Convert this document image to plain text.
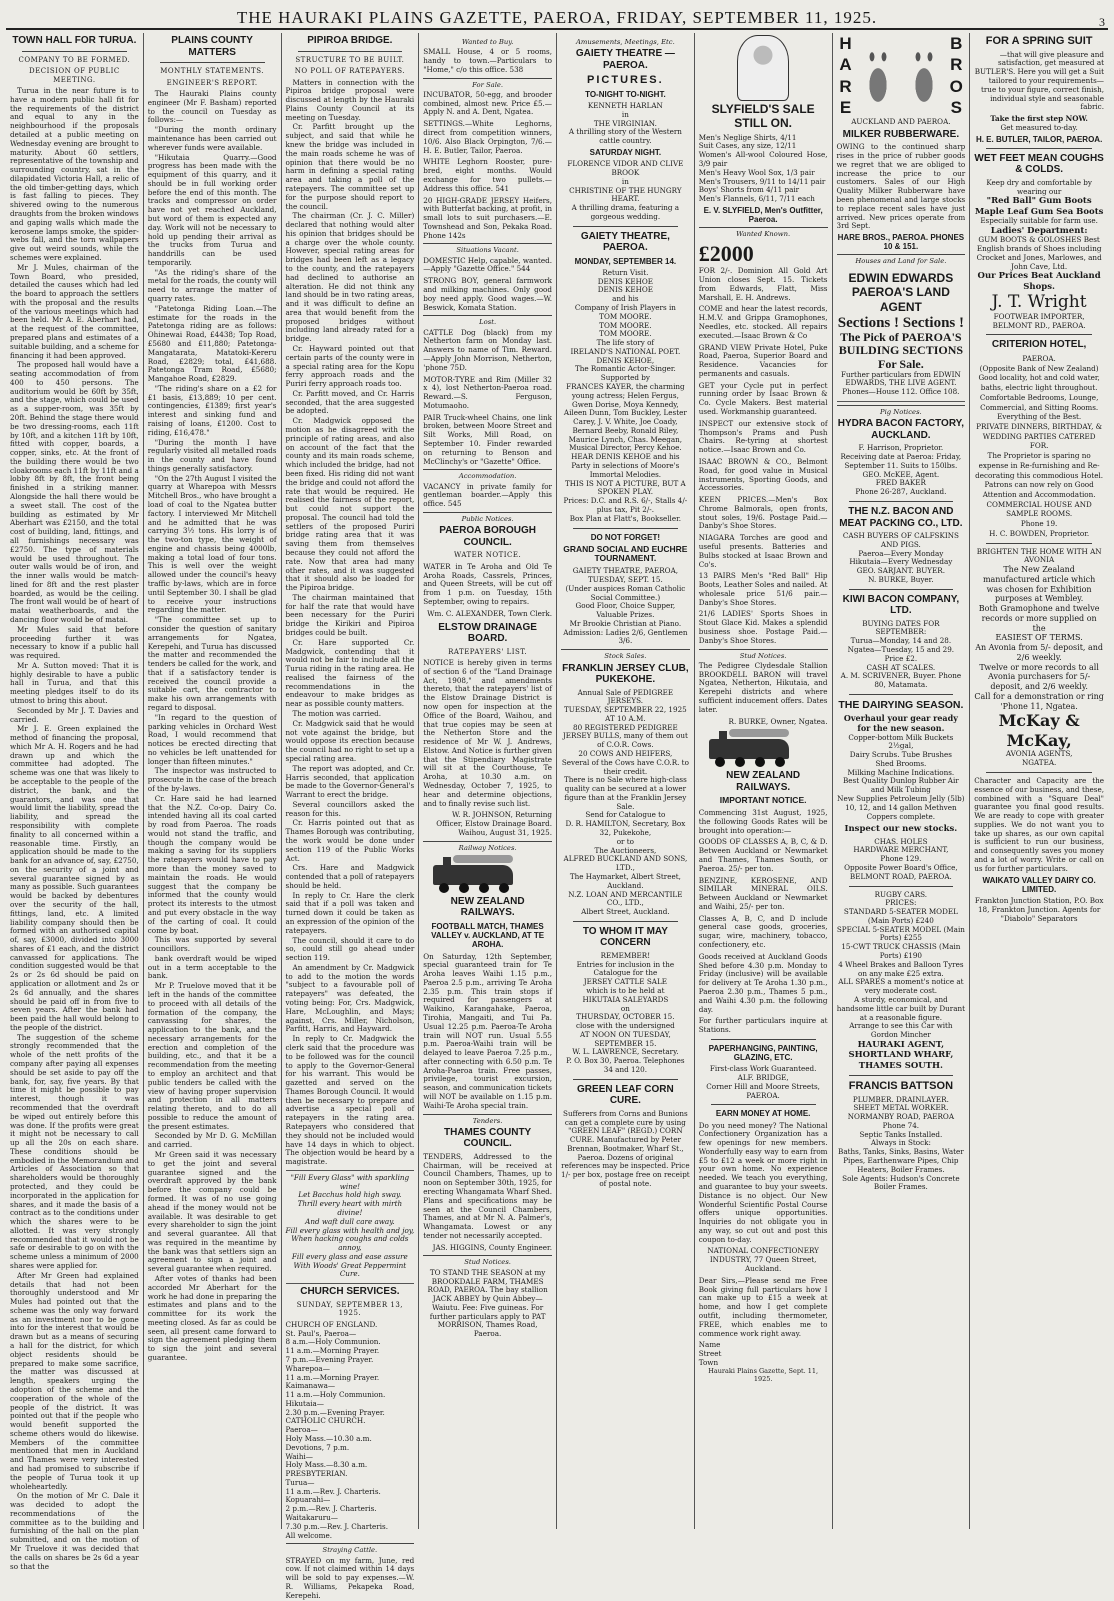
THE HAURAKI PLAINS GAZETTE, PAEROA, FRIDAY, SEPTEMBER 11, 1925.	3
TOWN HALL FOR TURUA.
COMPANY TO BE FORMED.
DECISION OF PUBLIC MEETING.

Turua in the near future is to have a modern public hall fit for the requirements of the district and equal to any in the neighbourhood if the proposals detailed at a public meeting on Wednesday evening are brought to maturity. About 60 settlers, representative of the township and surrounding country, sat in the dilapidated Victoria Hall, a relic of the old timber-getting days, which is fast falling to pieces. They shivered owing to the numerous draughts from the broken windows and gaping walls which made the kerosene lamps smoke, the spider-webs fall, and the torn wallpapers give out weird sounds, while the schemes were explained.

Mr J. Mules, chairman of the Town Board, who presided, detailed the causes which had led the board to approach the settlers with the proposal and the results of the various meetings which had been held. Mr A. E. Aberhart had, at the request of the committee, prepared plans and estimates of a suitable building, and a scheme for financing it had been approved.

The proposed hall would have a seating accommodation of from 400 to 450 persons. The auditorium would be 60ft by 35ft, and the stage, which could be used as a supper-room, was 35ft by 20ft. Behind the stage there would be two dressing-rooms, each 11ft by 10ft, and a kitchen 11ft by 10ft, fitted with copper, boards, a copper, sinks, etc. At the front of the building there would be two cloakrooms each 11ft by 11ft and a lobby 8ft by 8ft, the front being finished in a striking manner. Alongside the hall there would be a sweet stall. The cost of the building as estimated by Mr Aberhart was £2150, and the total cost of building, land, fittings, and all furnishings necessary was £2750. The type of materials would be used throughout. The outer walls would be of iron, and the inner walls would be match-lined for 8ft and the rest plaster boarded, as would be the ceiling. The front wall would be of heart of matai weatherboards, and the dancing floor would be of matai.

Mr Mules said that before proceeding further it was necessary to know if a public hall was required.

Mr A. Sutton moved: That it is highly desirable to have a public hall in Turua, and that this meeting pledges itself to do its utmost to bring this about.

Seconded by Mr J. T. Davies and carried.

Mr J. E. Green explained the method of financing the proposal, which Mr A. H. Rogers and he had drawn up and which the committee had adopted. The scheme was one that was likely to be acceptable to the people of the district, the bank, and the guarantors, and was one that would limit the liability, spread the liability, and spread the responsibility with complete finality to all concerned within a reasonable time. Firstly, an application should be made to the bank for an advance of, say, £2750, on the security of a joint and several guarantee signed by as many as possible. Such guarantees would be backed by debentures over the security of the hall, fittings, land, etc. A limited liability company should then be formed with an authorised capital of, say, £3000, divided into 3000 shares of £1 each, and the district canvassed for applications. The condition suggested would be that 2s or 2s 6d should be paid on application or allotment and 2s or 2s 6d annually, and the shares should be paid off in from five to seven years. After the bank had been paid the hall would belong to the people of the district.

The suggestion of the scheme strongly recommended that the whole of the nett profits of the company after paying all expenses should be set aside to pay off the bank, for, say, five years. By that time it might be possible to pay interest, though it was recommended that the overdraft be wiped out entirely before this was done. If the profits were great it might not be necessary to call up all the 20s on each share. These conditions should be embodied in the Memorandum and Articles of Association so that shareholders would be thoroughly protected, and they could be incorporated in the application for shares, and it made the basis of a contract as to the conditions under which the shares were to be allotted. It was very strongly recommended that it would not be safe or desirable to go on with the scheme unless a minimum of 2000 shares were applied for.

After Mr Green had explained details that had not been thoroughly understood and Mr Mules had pointed out that the scheme was the only way forward as an investment nor to be gone into for the interest that would be drawn but as a means of securing a hall for the district, for which object residents should be prepared to make some sacrifice, the matter was discussed at length, speakers urging the adoption of the scheme and the cooperation of the whole of the people of the district. It was pointed out that if the people who would benefit supported the scheme others would do likewise. Members of the committee mentioned that men in Auckland and Thames were very interested and had promised to subscribe if the people of Turua took it up wholeheartedly.

On the motion of Mr C. Dale it was decided to adopt the recommendations of the committee as to the building and furnishing of the hall on the plan submitted, and on the motion of Mr Truelove it was decided that the calls on shares be 2s 6d a year so that the

PLAINS COUNTY MATTERS
MONTHLY STATEMENTS.
ENGINEER'S REPORT.

The Hauraki Plains county engineer (Mr F. Basham) reported to the council on Tuesday as follows:—

"During the month ordinary maintenance has been carried out wherever funds were available.

"Hikutaia Quarry.—Good progress has been made with the equipment of this quarry, and it should be in full working order before the end of this month. The tracks and compressor on order have not yet reached Auckland, but word of them is expected any day. Work will not be necessary to hold up pending their arrival as the trucks from Turua and handdrills can be used temporarily.

"As the riding's share of the metal for the roads, the county will need to arrange the matter of quarry rates.

"Patetonga Riding Loan.—The estimate for the roads in the Patetonga riding are as follows: Ohinewai Road, £4438; Top Road, £5680 and £11,880; Patetonga-Mangatarata, Matatoki-Kereru Road, £2829; total, £41,688. Patetonga Tram Road, £5680; Mangahoe Road, £2829.

"The riding's share on a £2 for £1 basis, £13,889; 10 per cent. contingencies, £1389; first year's interest and sinking fund and raising of loans, £1200. Cost to riding, £16,478."

"During the month I have regularly visited all metalled roads in the county and have found things generally satisfactory.

"On the 27th August I visited the quarry at Wharepoa with Messrs Mitchell Bros., who have brought a load of coal to the Ngatea butter factory. I interviewed Mr Mitchell and he admitted that he was carrying 3½ tons. His lorry is of the two-ton type, the weight of engine and chassis being 4000lb, making a total load of four tons. This is well over the weight allowed under the council's heavy traffic by-laws, which are in force until September 30. I shall be glad to receive your instructions regarding the matter.

"The committee set up to consider the question of sanitary arrangements for Ngatea, Kerepehi, and Turua has discussed the matter and recommended the tenders be called for the work, and that if a satisfactory tender is received the council provide a suitable cart, the contractor to make his own arrangements with regard to disposal.

"In regard to the question of parking vehicles in Orchard West Road, I would recommend that notices be erected directing that no vehicles be left unattended for longer than fifteen minutes."

The inspector was instructed to prosecute in the case of the breach of the by-laws.

Cr. Hare said he had learned that the N.Z. Co-op. Dairy Co. intended having all its coal carted by road from Paeroa. The roads would not stand the traffic, and though the company would be making a saving for its suppliers the ratepayers would have to pay more than the money saved to maintain the roads. He would suggest that the company be informed that the county would protect its interests to the utmost and put every obstacle in the way of the carting of coal. It could come by boat.

This was supported by several councillors.

bank overdraft would be wiped out in a term acceptable to the bank.

Mr P. Truelove moved that it be left in the hands of the committee to proceed with all details of the formation of the company, the canvassing for shares, the application to the bank, and the necessary arrangements for the erection and completion of the building, etc., and that it be a recommendation from the meeting to employ an architect and that public tenders be called with the view of having proper supervision and protection in all matters relating thereto, and to do all possible to reduce the amount of the present estimates.

Seconded by Mr D. G. McMillan and carried.

Mr Green said it was necessary to get the joint and several guarantee signed and the overdraft approved by the bank before the company could be formed. It was of no use going ahead if the money would not be available. It was desirable to get every shareholder to sign the joint and several guarantee. All that was required in the meantime by the bank was that settlers sign an agreement to sign a joint and several guarantee when required.

After votes of thanks had been accorded Mr Aberhart for the work he had done in preparing the estimates and plans and to the committee for its work the meeting closed. As far as could be seen, all present came forward to sign the agreement pledging them to sign the joint and several guarantee.

PIPIROA BRIDGE.
STRUCTURE TO BE BUILT.
NO POLL OF RATEPAYERS.

Matters in connection with the Pipiroa bridge proposal were discussed at length by the Hauraki Plains County Council at its meeting on Tuesday.

Cr. Parfitt brought up the subject, and said that while he knew the bridge was included in the main roads scheme he was of opinion that there would be no harm in defining a special rating area and taking a poll of the ratepayers. The committee set up for the purpose should report to the council.

The chairman (Cr. J. C. Miller) declared that nothing would alter his opinion that bridges should be a charge over the whole county. However, special rating areas for bridges had been left as a legacy to the county, and the ratepayers had declined to authorise an alteration. He did not think any land should be in two rating areas, and it was difficult to define an area that would benefit from the proposed bridges without including land already rated for a bridge.

Cr. Hayward pointed out that certain parts of the county were in a special rating area for the Kopu ferry approach roads and the Puriri ferry approach roads too.

Cr. Parfitt moved, and Cr. Harris seconded, that the area suggested be adopted.

Cr. Madgwick opposed the motion as he disagreed with the principle of rating areas, and also on account of the fact that the county and its main roads scheme, which included the bridge, had not been fixed. His riding did not want the bridge and could not afford the rate that would be required. He realised the fairness of the report, but could not support the proposal. The council had told the settlers of the proposed Puriri bridge rating area that it was saving them from themselves because they could not afford the rate. Now that area had many other rates, and it was suggested that it should also be loaded for the Pipiroa bridge.

The chairman maintained that for half the rate that would have been necessary for the Puriri bridge the Kirikiri and Pipiroa bridges could be built.

Cr. Hare supported Cr. Madgwick, contending that it would not be fair to include all the Turua riding in the rating area. He realised the fairness of the recommendations in the endeavour to make bridges as near as possible county matters.

The motion was carried.

Cr. Madgwick said that he would not vote against the bridge, but would oppose its erection because the council had no right to set up a special rating area.

The report was adopted, and Cr. Harris seconded, that application be made to the Governor-General's Warrant to erect the bridge.

Several councillors asked the reason for this.

Cr. Harris pointed out that as Thames Borough was contributing, the work would be done under section 119 of the Public Works Act.

Crs. Hare and Madgwick contended that a poll of ratepayers should be held.

In reply to Cr. Hare the clerk said that if a poll was taken and turned down it could be taken as an expression of the opinion of the ratepayers.

The council, should it care to do so, could still go ahead under section 119.

An amendment by Cr. Madgwick to add to the motion the words "subject to a favourable poll of ratepayers" was defeated, the voting being: For, Crs. Madgwick, Hare, McLoughlin, and Mays; against, Crs. Miller, Nicholson, Parfitt, Harris, and Hayward.

In reply to Cr. Madgwick the clerk said that the procedure was to be followed was for the council to apply to the Governor-General for his warrant. This would be gazetted and served on the Thames Borough Council. It would then be necessary to prepare and advertise a special poll of ratepayers in the rating area. Ratepayers who considered that they should not be included would have 14 days in which to object. The objection would be heard by a magistrate.

"Fill Every Glass" with sparkling wine!
Let Bacchus hold high sway.
Thrill every heart with mirth divine!
And waft dull care away.
Fill every glass with health and joy,
When hacking coughs and colds annoy,
Fill every glass and ease assure
With Woods' Great Peppermint Cure.
CHURCH SERVICES.
SUNDAY, SEPTEMBER 13, 1925.
CHURCH OF ENGLAND.
St. Paul's, Paeroa—
8 a.m.—Holy Communion.
11 a.m.—Morning Prayer.
7 p.m.—Evening Prayer.
Wharepoa—
11 a.m.—Morning Prayer.
Kaimanawa—
11 a.m.—Holy Communion.
Hikutaia—
2.30 p.m.—Evening Prayer.
CATHOLIC CHURCH.
Paeroa—
Holy Mass.—10.30 a.m.
Devotions, 7 p.m.
Waihi—
Holy Mass.—8.30 a.m.
PRESBYTERIAN.
Turua—
11 a.m.—Rev. J. Charteris.
Kopuarahi—
2 p.m.—Rev. J. Charteris.
Waitakaruru—
7.30 p.m.—Rev. J. Charteris.
All welcome.
Straying Cattle.
STRAYED on my farm, June, red cow. If not claimed within 14 days will be sold to pay expenses.—W. R. Williams, Pekapeka Road, Kerepehi.
Wanted to Buy.

SMALL House, 4 or 5 rooms, handy to town.—Particulars to "Home," c/o this office. 538

For Sale.

INCUBATOR, 50-egg, and brooder combined, almost new. Price £5.—Apply N. and A. Dent, Ngatea.

SETTINGS.—White Leghorns, direct from competition winners, 10/6. Also Black Orpington, 7/6.—H. E. Butler, Tailor, Paeroa.

WHITE Leghorn Rooster, pure-bred, eight months. Would exchange for two pullets.—Address this office. 541

20 HIGH-GRADE JERSEY Heifers, with Butterfat backing, at profit, in small lots to suit purchasers.—E. Townshead and Son, Pekaka Road. Phone 142s

Situations Vacant.

DOMESTIC Help, capable, wanted.—Apply "Gazette Office." 544

STRONG BOY, general farmwork and milking machines. Only good boy need apply. Good wages.—W. Beswick, Komata Station.

Lost.

CATTLE Dog (black) from my Netherton farm on Monday last. Answers to name of Tim. Reward.—Apply John Morrison, Netherton, 'phone 75D.

MOTOR-TYRE and Rim (Miller 32 x 4), lost Netherton-Paeroa road. Reward.—S. Ferguson, Motumaoho.

PAIR Truck-wheel Chains, one link broken, between Moore Street and Silt Works, Mill Road, on September 10. Finder rewarded on returning to Benson and McClinchy's or "Gazette" Office.

Accommodation.

VACANCY in private family for gentleman boarder.—Apply this office. 545

Public Notices.
PAEROA BOROUGH COUNCIL.
WATER NOTICE.

WATER in Te Aroha and Old Te Aroha Roads, Cassrels, Princes, and Queen Streets, will be cut off from 1 p.m. on Tuesday, 15th September, owing to repairs.

Wm. C. ALEXANDER, Town Clerk.

ELSTOW DRAINAGE BOARD.
RATEPAYERS' LIST.

NOTICE is hereby given in terms of section 6 of the "Land Drainage Act, 1908," and amendments thereto, that the ratepayers' list of the Elstow Drainage District is now open for inspection at the Office of the Board, Waihou, and that true copies may be seen at the Netherton Store and the residence of Mr W. J. Andrews, Elstow. And Notice is further given that the Stipendiary Magistrate will sit at the Courthouse, Te Aroha, at 10.30 a.m. on Wednesday, October 7, 1925, to hear and determine objections, and to finally revise such list.

W. R. JOHNSON, Returning Officer, Elstow Drainage Board. Waihou, August 31, 1925.

Railway Notices.
NEW ZEALAND RAILWAYS.
FOOTBALL MATCH, THAMES VALLEY v. AUCKLAND, AT TE AROHA.

On Saturday, 12th September, special guaranteed train for Te Aroha leaves Waihi 1.15 p.m., Paeroa 2.5 p.m., arriving Te Aroha 2.35 p.m. This train stops if required for passengers at Waikino, Karangahake, Paeroa, Tirohia, Mangaiti, and Tui Pa. Usual 12.25 p.m. Paeroa-Te Aroha train will NOT run. Usual 5.55 p.m. Paeroa-Waihi train will be delayed to leave Paeroa 7.25 p.m., after connecting with 6.50 p.m. Te Aroha-Paeroa train. Free passes, privilege, tourist excursion, season, and communication tickets will NOT be available on 1.15 p.m. Waihi-Te Aroha special train.

Tenders.
THAMES COUNTY COUNCIL.

TENDERS, Addressed to the Chairman, will be received at Council Chambers, Thames, up to noon on September 30th, 1925, for erecting Whangamata Wharf Shed. Plans and specifications may be seen at the Council Chambers, Thames, and at Mr N. A. Palmer's, Whangamata. Lowest or any tender not necessarily accepted.

JAS. HIGGINS, County Engineer.

Stud Notices.

TO STAND THE SEASON at my BROOKDALE FARM, THAMES ROAD, PAEROA. The bay stallion JACK ABBEY by Quin Abbey—Waiutu. Fee: Five guineas. For further particulars apply to PAT MORRISON, Thames Road, Paeroa.

Amusements, Meetings, Etc.
GAIETY THEATRE — PAEROA.
PICTURES.
TO-NIGHT TO-NIGHT.
KENNETH HARLAN
in
THE VIRGINIAN.
A thrilling story of the Western cattle country.
SATURDAY NIGHT.
FLORENCE VIDOR AND CLIVE BROOK
in
CHRISTINE OF THE HUNGRY HEART.
A thrilling drama, featuring a gorgeous wedding.
GAIETY THEATRE, PAEROA.
MONDAY, SEPTEMBER 14.
Return Visit.
DENIS KEHOE
DENIS KEHOE
and his
Company of Irish Players in
TOM MOORE.
TOM MOORE.
TOM MOORE.
The life story of
IRELAND'S NATIONAL POET.
DENIS KEHOE,
The Romantic Actor-Singer.
Supported by
FRANCES KAYER, the charming young actress; Helen Fergus, Gwen Dorise, Moya Kennedy, Aileen Dunn, Tom Buckley, Lester Carey, J. V. White, Joe Coady, Bernard Beeby, Ronald Riley, Maurice Lynch, Chas. Meegan, Musical Director, Percy Kehoe.
HEAR DENIS KEHOE and his Party in selections of Moore's Immortal Melodies.
THIS IS NOT A PICTURE, BUT A SPOKEN PLAY.
Prices: D.C. and R.S. 6/-, Stalls 4/- plus tax, Pit 2/-.
Box Plan at Flatt's, Bookseller.
DO NOT FORGET!
GRAND SOCIAL AND EUCHRE TOURNAMENT.
GAIETY THEATRE, PAEROA, TUESDAY, SEPT. 15.
(Under auspices Roman Catholic Social Committee.)
Good Floor, Choice Supper, Valuable Prizes.
Mr Brookie Christian at Piano.
Admission: Ladies 2/6, Gentlemen 3/6.
Stock Sales.
FRANKLIN JERSEY CLUB, PUKEKOHE.
Annual Sale of PEDIGREE JERSEYS.
TUESDAY, SEPTEMBER 22, 1925 AT 10 A.M.
80 REGISTERED PEDIGREE JERSEY BULLS, many of them out of C.O.R. Cows.
20 COWS AND HEIFERS,
Several of the Cows have C.O.R. to their credit.
There is no Sale where high-class quality can be secured at a lower figure than at the Franklin Jersey Sale.
Send for Catalogue to
D. R. HAMILTON, Secretary, Box 32, Pukekohe,
or to
The Auctioneers,
ALFRED BUCKLAND AND SONS, LTD.,
The Haymarket, Albert Street, Auckland.
N.Z. LOAN AND MERCANTILE CO., LTD.,
Albert Street, Auckland.
TO WHOM IT MAY CONCERN
REMEMBER!
Entries for inclusion in the Catalogue for the
JERSEY CATTLE SALE
which is to be held at
HIKUTAIA SALEYARDS
on
THURSDAY, OCTOBER 15.
close with the undersigned
AT NOON ON TUESDAY, SEPTEMBER 15.
W. L. LAWRENCE, Secretary.
P. O. Box 30, Paeroa. Telephones 34 and 120.
GREEN LEAF CORN CURE.
Sufferers from Corns and Bunions can get a complete cure by using "GREEN LEAF" (REGD.) CORN CURE. Manufactured by Peter Brennan, Bootmaker, Wharf St., Paeroa. Dozens of original references may be inspected. Price 1/- per box, postage free on receipt of postal note.
SLYFIELD'S SALE STILL ON.
Men's Neglige Shirts, 4/11
Suit Cases, any size, 12/11
Women's All-wool Coloured Hose, 3/9 pair
Men's Heavy Wool Sox, 1/3 pair
Men's Trousers, 9/11 to 14/11 pair
Boys' Shorts from 4/11 pair
Men's Flannels, 6/11, 7/11 each
E. V. SLYFIELD, Men's Outfitter, Paeroa.
Wanted Known.
£2000

FOR 2/-. Dominion All Gold Art Union closes Sept. 15. Tickets from Edwards, Flatt, Miss Marshall, E. H. Andrews.

COME and hear the latest records, H.M.V. and Grippa Gramophones, Needles, etc. stocked. All repairs executed.—Isaac Brown & Co

GRAND VIEW Private Hotel, Puke Road, Paeroa, Superior Board and Residence. Vacancies for permanents and casuals.

GET your Cycle put in perfect running order by Isaac Brown & Co. Cycle Makers. Best material used. Workmanship guaranteed.

INSPECT our extensive stock of Thompson's Prams and Push Chairs. Re-tyring at shortest notice.—Isaac Brown and Co.

ISAAC BROWN & CO., Belmont Road, for good value in Musical instruments, Sporting Goods, and Accessories.

KEEN PRICES.—Men's Box Chrome Balmorals, open fronts, stout soles, 19/6. Postage Paid.—Danby's Shoe Stores.

NIAGARA Torches are good and useful presents. Batteries and Bulbs stocked at Isaac Brown and Co's.

13 PAIRS Men's "Red Ball" Hip Boots, Leather Soles and nailed. At wholesale price 51/6 pair.—Danby's Shoe Stores.

21/6 LADIES' Sports Shoes in Stout Glace Kid. Makes a splendid business shoe. Postage Paid.—Danby's Shoe Stores.

Stud Notices.

The Pedigree Clydesdale Stallion BROOKDELL BARON will travel Ngatea, Netherton, Hikutaia, and Kerepehi districts and where sufficient inducement offers. Dates later.

R. BURKE, Owner, Ngatea.

NEW ZEALAND RAILWAYS.
IMPORTANT NOTICE.

Commencing 31st August, 1925, the following Goods Rates will be brought into operation:—

GOODS OF CLASSES A, B, C, & D. Between Auckland or Newmarket and Thames, Thames South, or Paeroa. 25/- per ton.

BENZINE, KEROSENE, AND SIMILAR MINERAL OILS. Between Auckland or Newmarket and Waihi, 25/- per ton.

Classes A, B, C, and D include general case goods, groceries, sugar, wire, machinery, tobacco, confectionery, etc.

Goods received at Auckland Goods Shed before 4.30 p.m. Monday to Friday (inclusive) will be available for delivery at Te Aroha 1.30 p.m., Paeroa 2.30 p.m., Thames 5 p.m., and Waihi 4.30 p.m. the following day.

For further particulars inquire at Stations.

PAPERHANGING, PAINTING, GLAZING, ETC.
First-class Work Guaranteed.
ALF. BRIDGE,
Corner Hill and Moore Streets, PAEROA.
EARN MONEY AT HOME.

Do you need money? The National Confectionery Organization has a few openings for new members. Wonderfully easy way to earn from £5 to £12 a week or more right in your own home. No experience needed. We teach you everything, and guarantee to buy your sweets. Distance is no object. Our New Wonderful Scientific Postal Course offers unique opportunities. Inquiries do not obligate you in any way, so cut out and post this coupon to-day.

NATIONAL CONFECTIONERY INDUSTRY, 77 Queen Street, Auckland.

Dear Sirs,—Please send me Free Book giving full particulars how I can make up to £15 a week at home, and how I get complete outfit, including thermometer, FREE, which enables me to commence work right away.

Name
Street
Town
Hauraki Plains Gazette, Sept. 11, 1925.
H
A
R
E
B
R
O
S
AUCKLAND AND PAEROA.
MILKER RUBBERWARE.
OWING to the continued sharp rises in the price of rubber goods we regret that we are obliged to increase the price to our customers. Sales of our High Quality Milker Rubberware have been phenomenal and large stocks to replace recent sales have just arrived. New prices operate from 3rd Sept.
HARE BROS., PAEROA. PHONES 10 & 151.
Houses and Land for Sale.
EDWIN EDWARDS PAEROA'S LAND AGENT
Sections ! Sections !
The Pick of PAEROA'S BUILDING SECTIONS For Sale.
Further particulars from EDWIN EDWARDS, THE LIVE AGENT. Phones—House 112. Office 108.
Pig Notices.
HYDRA BACON FACTORY, AUCKLAND.
F. Harrison, Proprietor.
Receiving date at Paeroa: Friday, September 11. Suits to 150lbs.
GEO. McKEE, Agent.
FRED BAKER
Phone 26-287, Auckland.
THE N.Z. BACON AND MEAT PACKING CO., LTD.
CASH BUYERS OF CALFSKINS AND PIGS.
Paeroa—Every Monday
Hikutaia—Every Wednesday
GEO. SARJANT. BUYER.
N. BURKE, Buyer.
KIWI BACON COMPANY, LTD.
BUYING DATES FOR SEPTEMBER:
Turua—Monday, 14 and 28.
Ngatea—Tuesday, 15 and 29.
Price £2.
CASH AT SCALES.
A. M. SCRIVENER, Buyer. Phone 80, Matamata.
THE DAIRYING SEASON.
Overhaul your gear ready for the new season.
Copper-bottom Milk Buckets 2½gal,
Dairy Scrubs. Tube Brushes
Shed Brooms.
Milking Machine Indications.
Best Quality Dunlop Rubber Air and Milk Tubing
New Supplies Petroleum Jelly (5lb) 10, 12, and 14 gallon Methven Coppers complete.
Inspect our new stocks.
CHAS. HOLES
HARDWARE MERCHANT,
Phone 129.
Opposite Power Board's Office, BELMONT ROAD, PAEROA.
RUGBY CARS.
PRICES:
STANDARD 5-SEATER MODEL (Main Ports) £240
SPECIAL 5-SEATER MODEL (Main Ports) £255
15-CWT TRUCK CHASSIS (Main Ports) £190
4 Wheel Brakes and Balloon Tyres on any make £25 extra.
ALL SPARES a moment's notice at very moderate cost.
A sturdy, economical, and handsome little car built by Durant at a reasonable figure.
Arrange to see this Car with
Gordon Mincher
HAURAKI AGENT,
SHORTLAND WHARF,
THAMES SOUTH.
FRANCIS BATTSON
PLUMBER. DRAINLAYER.
SHEET METAL WORKER.
NORMANBY ROAD, PAEROA
Phone 74.
Septic Tanks Installed.
Always in Stock:
Baths, Tanks, Sinks, Basins, Water Pipes, Earthenware Pipes, Chip Heaters, Boiler Frames.
Sole Agents: Hudson's Concrete Boiler Frames.
FOR A SPRING SUIT
—that will give pleasure and satisfaction, get measured at BUTLER'S. Here you will get a Suit tailored to your requirements—true to your figure, correct finish, individual style and seasonable fabric.
Take the first step NOW.
Get measured to-day.
H. E. BUTLER, TAILOR, PAEROA.
WET FEET MEAN COUGHS & COLDS.
Keep dry and comfortable by wearing our
"Red Ball" Gum Boots Maple Leaf Gum Sea Boots
Especially suitable for farm use.
Ladies' Department:
GUM BOOTS & GOLOSHES Best English brands of Shoes including Crocket and Jones, Marlowes, and John Cave, Ltd.
Our Prices Beat Auckland Shops.
J. T. Wright
FOOTWEAR IMPORTER, BELMONT RD., PAEROA.
CRITERION HOTEL,
PAEROA.
(Opposite Bank of New Zealand)
Good locality, hot and cold water, baths, electric light throughout.
Comfortable Bedrooms, Lounge, Commercial, and Sitting Rooms.
Everything of the Best.
PRIVATE DINNERS, BIRTHDAY, & WEDDING PARTIES CATERED FOR.
The Proprietor is sparing no expense in Re-furnishing and Re-decorating this commodious Hotel. Patrons can now rely on Good Attention and Accommodation.
COMMERCIAL HOUSE AND SAMPLE ROOMS.
Phone 19.
H. C. BOWDEN, Proprietor.
BRIGHTEN THE HOME WITH AN AVONIA
The New Zealand manufactured article which was chosen for Exhibition purposes at Wembley.
Both Gramophone and twelve records or more supplied on the
EASIEST OF TERMS.
An Avonia from 5/- deposit, and 2/6 weekly.
Twelve or more records to all Avonia purchasers for 5/- deposit, and 2/6 weekly.
Call for a demonstration or ring 'Phone 11, Ngatea.
McKay & McKay,
AVONIA AGENTS,
NGATEA.
Character and Capacity are the essence of our business, and these, combined with a "Square Deal" guarantee you final good results. We are ready to cope with greater supplies. We do not want you to take up shares, as our own capital is sufficient to run our business, and consequently saves you money and a lot of worry. Write or call on us for further particulars.
WAIKATO VALLEY DAIRY CO. LIMITED.
Frankton Junction Station, P.O. Box 18, Frankton Junction. Agents for "Diabolo" Separators
